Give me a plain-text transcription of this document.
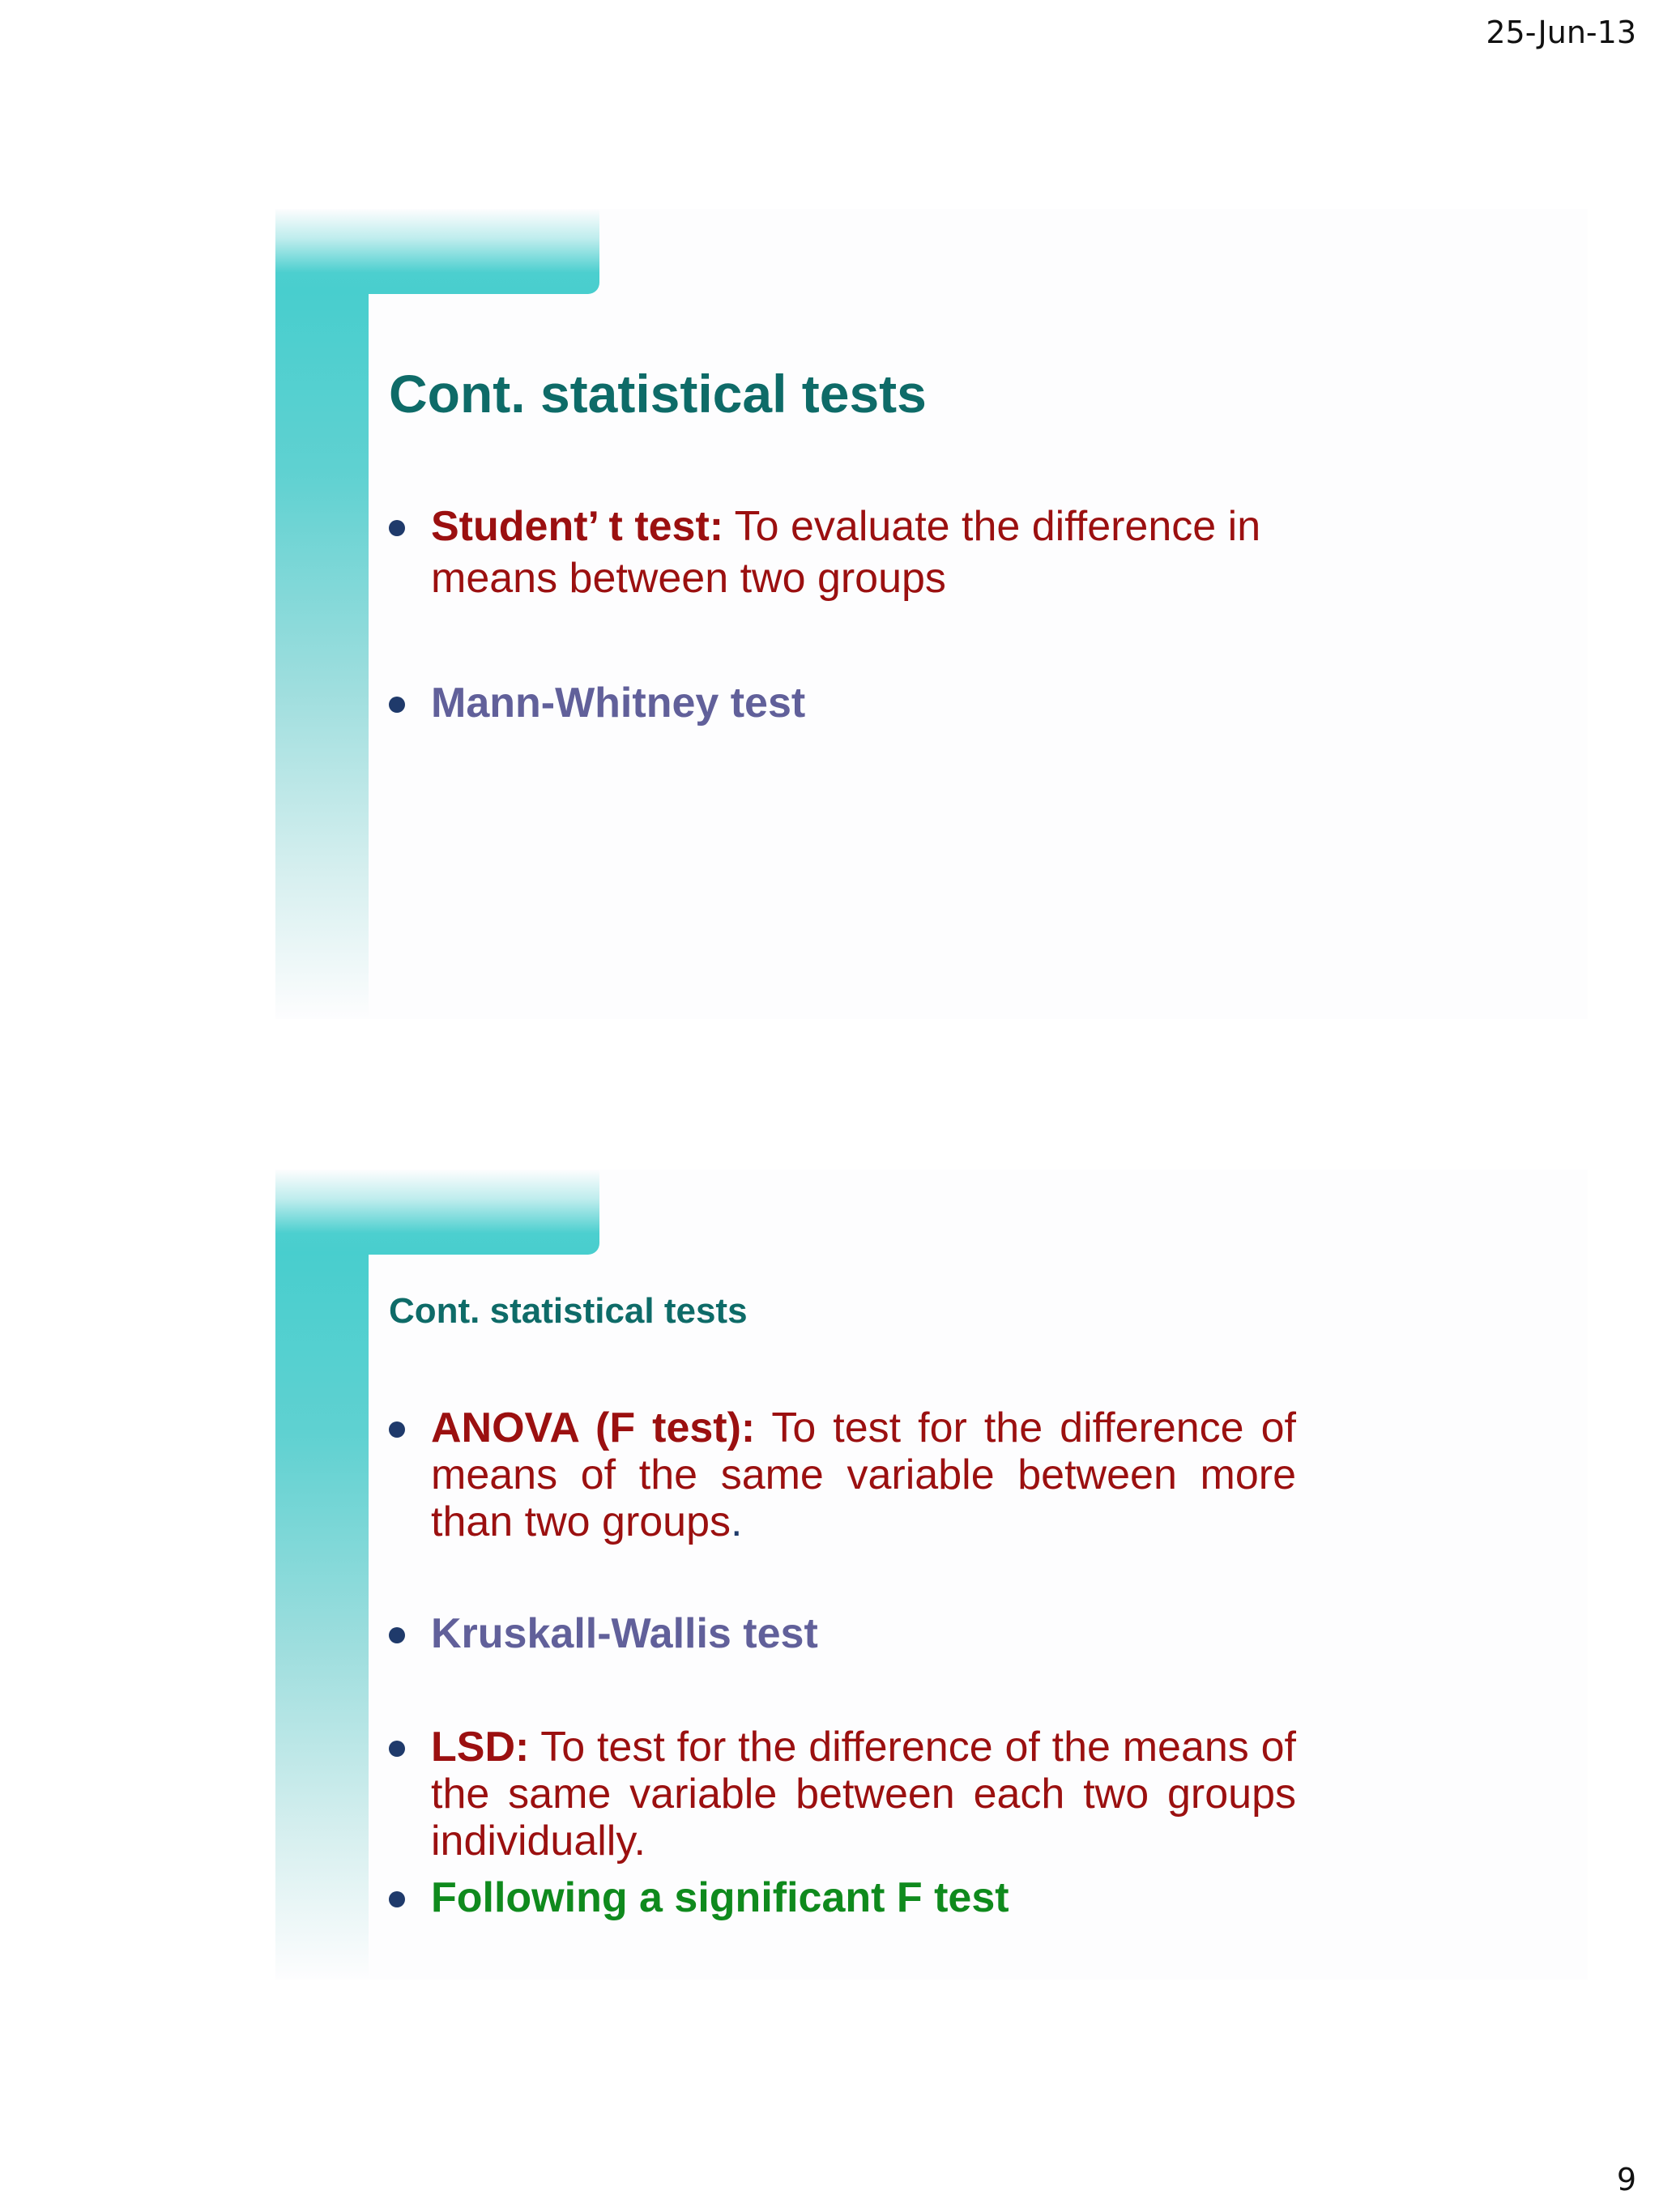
25-Jun-13
Cont. statistical tests
Student’ t test: To evaluate the difference in means between two groups
Mann-Whitney test
Cont. statistical tests
ANOVA (F test): To test for the difference of means of the same variable between more than two groups.
Kruskall-Wallis test
LSD: To test for the difference of the means of the same variable between each two groups individually.
Following a significant F test
9
